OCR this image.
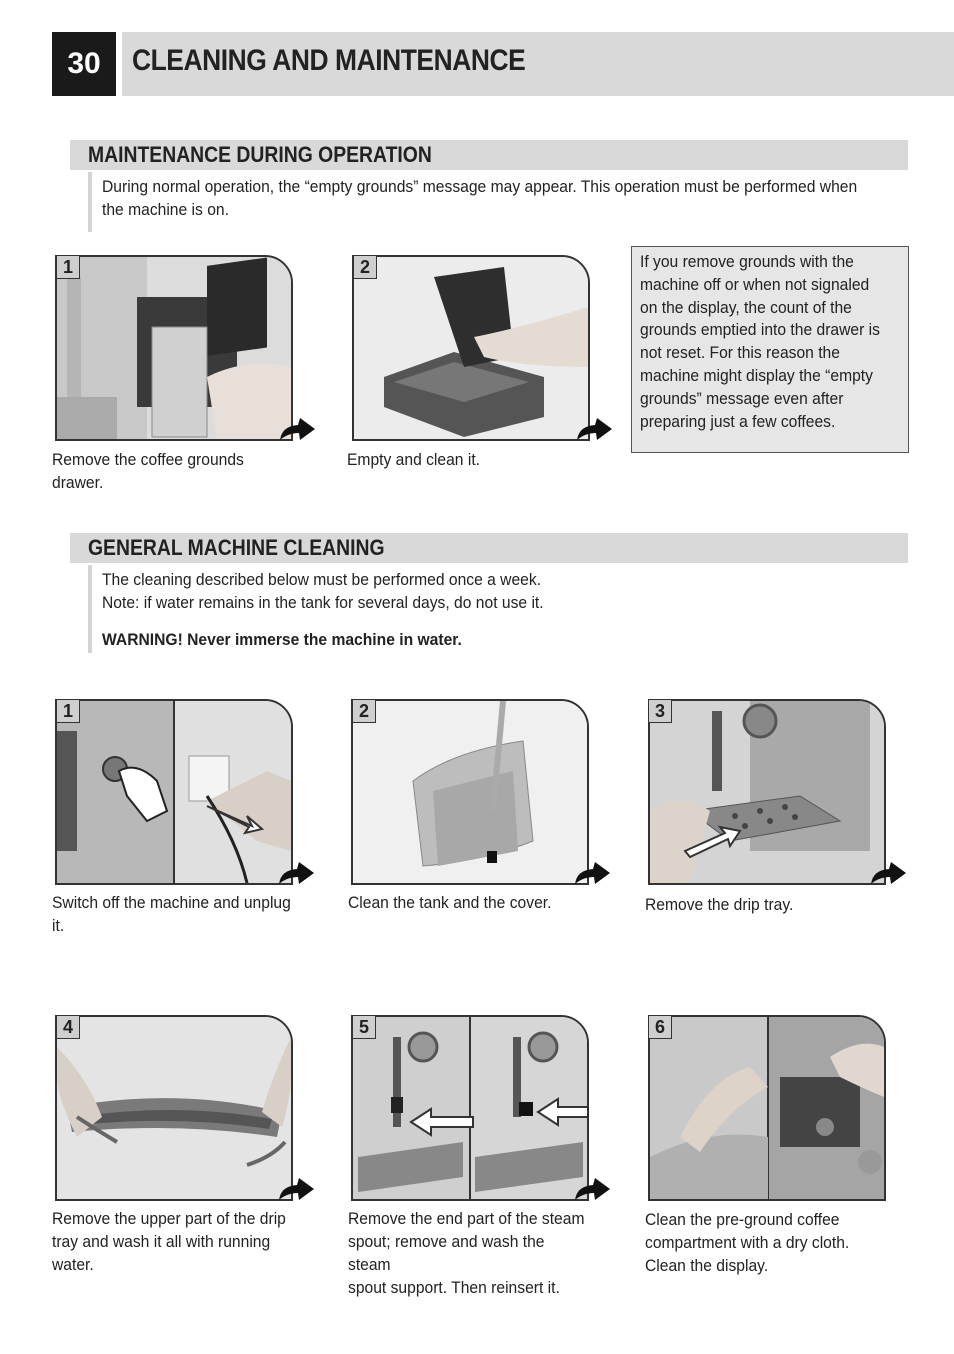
30	CLEANING AND MAINTENANCE
MAINTENANCE DURING OPERATION
During normal operation, the “empty grounds” message may appear. This operation must be performed when
the machine is on.
1
Remove the coffee grounds
drawer.
2
Empty and clean it.
If you remove grounds with the
machine off or when not signaled
on the display, the count of the
grounds emptied into the drawer is
not reset. For this reason the
machine might display the “empty
grounds” message even after
preparing just a few coffees.
GENERAL MACHINE CLEANING
The cleaning described below must be performed once a week.
Note: if water remains in the tank for several days, do not use it.
WARNING! Never immerse the machine in water.
1
Switch off the machine and unplug
it.
2
Clean the tank and the cover.
3
Remove the drip tray.
4
Remove the upper part of the drip
tray and wash it all with running
water.
5
Remove the end part of the steam
spout; remove and wash the steam
spout support. Then reinsert it.
6
Clean the pre-ground coffee
compartment with a dry cloth.
Clean the display.
